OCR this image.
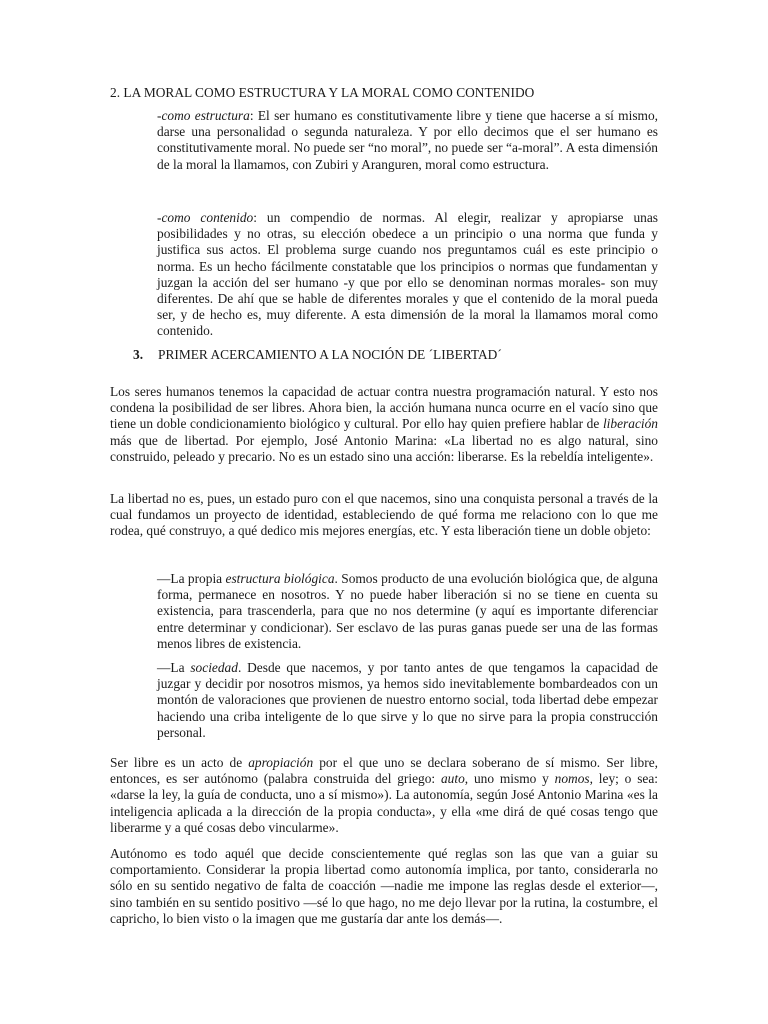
2. LA MORAL COMO ESTRUCTURA Y LA MORAL COMO CONTENIDO

-como estructura: El ser humano es constitutivamente libre y tiene que hacerse a sí mismo, darse una personalidad o segunda naturaleza. Y por ello decimos que el ser humano es constitutivamente moral. No puede ser “no moral”, no puede ser “a-moral”. A esta dimensión de la moral la llamamos, con Zubiri y Aranguren, moral como estructura.

-como contenido: un compendio de normas. Al elegir, realizar y apropiarse unas posibilidades y no otras, su elección obedece a un principio o una norma que funda y justifica sus actos. El problema surge cuando nos preguntamos cuál es este principio o norma. Es un hecho fácilmente constatable que los principios o normas que fundamentan y juzgan la acción del ser humano -y que por ello se denominan normas morales- son muy diferentes. De ahí que se hable de diferentes morales y que el contenido de la moral pueda ser, y de hecho es, muy diferente. A esta dimensión de la moral la llamamos moral como contenido.

3. PRIMER ACERCAMIENTO A LA NOCIÓN DE ´LIBERTAD´

Los seres humanos tenemos la capacidad de actuar contra nuestra programación natural. Y esto nos condena la posibilidad de ser libres. Ahora bien, la acción humana nunca ocurre en el vacío sino que tiene un doble condicionamiento biológico y cultural. Por ello hay quien prefiere hablar de liberación más que de libertad. Por ejemplo, José Antonio Marina: «La libertad no es algo natural, sino construido, peleado y precario. No es un estado sino una acción: liberarse. Es la rebeldía inteligente».

La libertad no es, pues, un estado puro con el que nacemos, sino una conquista personal a través de la cual fundamos un proyecto de identidad, estableciendo de qué forma me relaciono con lo que me rodea, qué construyo, a qué dedico mis mejores energías, etc. Y esta liberación tiene un doble objeto:

—La propia estructura biológica. Somos producto de una evolución biológica que, de alguna forma, permanece en nosotros. Y no puede haber liberación si no se tiene en cuenta su existencia, para trascenderla, para que no nos determine (y aquí es importante diferenciar entre determinar y condicionar). Ser esclavo de las puras ganas puede ser una de las formas menos libres de existencia.

—La sociedad. Desde que nacemos, y por tanto antes de que tengamos la capacidad de juzgar y decidir por nosotros mismos, ya hemos sido inevitablemente bombardeados con un montón de valoraciones que provienen de nuestro entorno social, toda libertad debe empezar haciendo una criba inteligente de lo que sirve y lo que no sirve para la propia construcción personal.

Ser libre es un acto de apropiación por el que uno se declara soberano de sí mismo. Ser libre, entonces, es ser autónomo (palabra construida del griego: auto, uno mismo y nomos, ley; o sea: «darse la ley, la guía de conducta, uno a sí mismo»). La autonomía, según José Antonio Marina «es la inteligencia aplicada a la dirección de la propia conducta», y ella «me dirá de qué cosas tengo que liberarme y a qué cosas debo vincularme».

Autónomo es todo aquél que decide conscientemente qué reglas son las que van a guiar su comportamiento. Considerar la propia libertad como autonomía implica, por tanto, considerarla no sólo en su sentido negativo de falta de coacción —nadie me impone las reglas desde el exterior—, sino también en su sentido positivo —sé lo que hago, no me dejo llevar por la rutina, la costumbre, el capricho, lo bien visto o la imagen que me gustaría dar ante los demás—.
